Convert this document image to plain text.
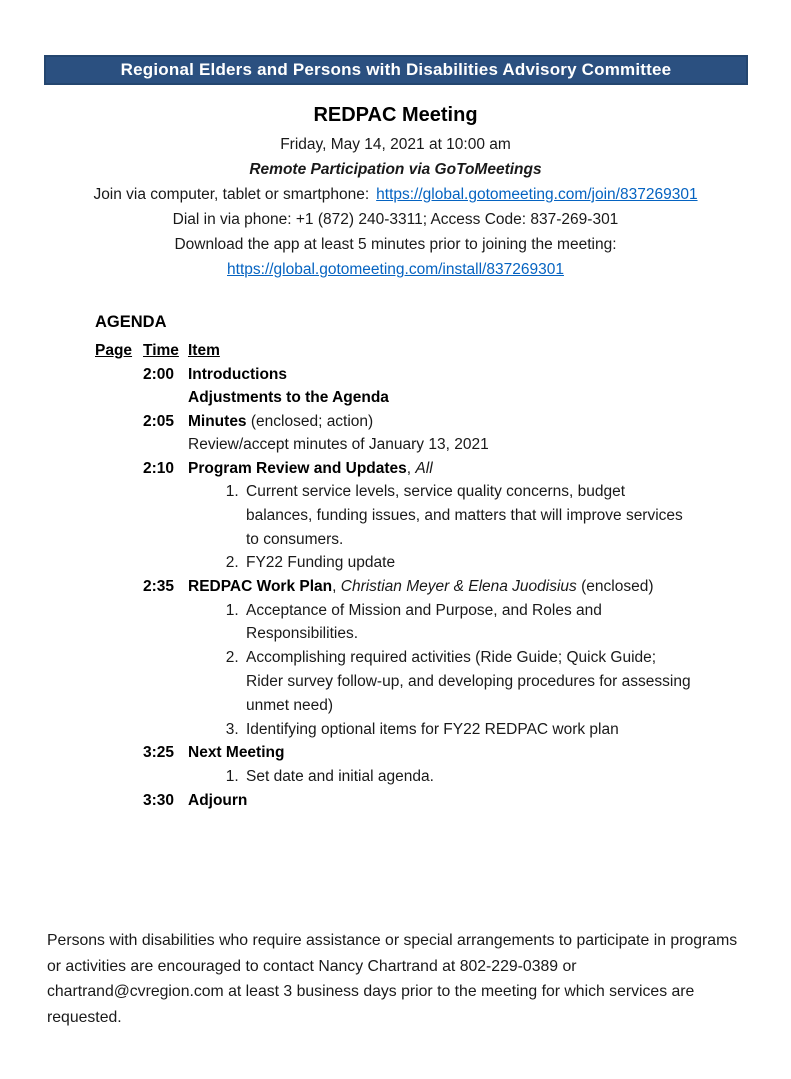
Regional Elders and Persons with Disabilities Advisory Committee
REDPAC Meeting
Friday, May 14, 2021 at 10:00 am
Remote Participation via GoToMeetings
Join via computer, tablet or smartphone: https://global.gotomeeting.com/join/837269301
Dial in via phone: +1 (872) 240-3311; Access Code: 837-269-301
Download the app at least 5 minutes prior to joining the meeting:
https://global.gotomeeting.com/install/837269301
AGENDA
Page Time Item
2:00 Introductions
Adjustments to the Agenda
2:05 Minutes (enclosed; action)
Review/accept minutes of January 13, 2021
2:10 Program Review and Updates, All
1. Current service levels, service quality concerns, budget balances, funding issues, and matters that will improve services to consumers.
2. FY22 Funding update
2:35 REDPAC Work Plan, Christian Meyer & Elena Juodisius (enclosed)
1. Acceptance of Mission and Purpose, and Roles and Responsibilities.
2. Accomplishing required activities (Ride Guide; Quick Guide; Rider survey follow-up, and developing procedures for assessing unmet need)
3. Identifying optional items for FY22 REDPAC work plan
3:25 Next Meeting
1. Set date and initial agenda.
3:30 Adjourn
Persons with disabilities who require assistance or special arrangements to participate in programs or activities are encouraged to contact Nancy Chartrand at 802-229-0389 or chartrand@cvregion.com at least 3 business days prior to the meeting for which services are requested.
